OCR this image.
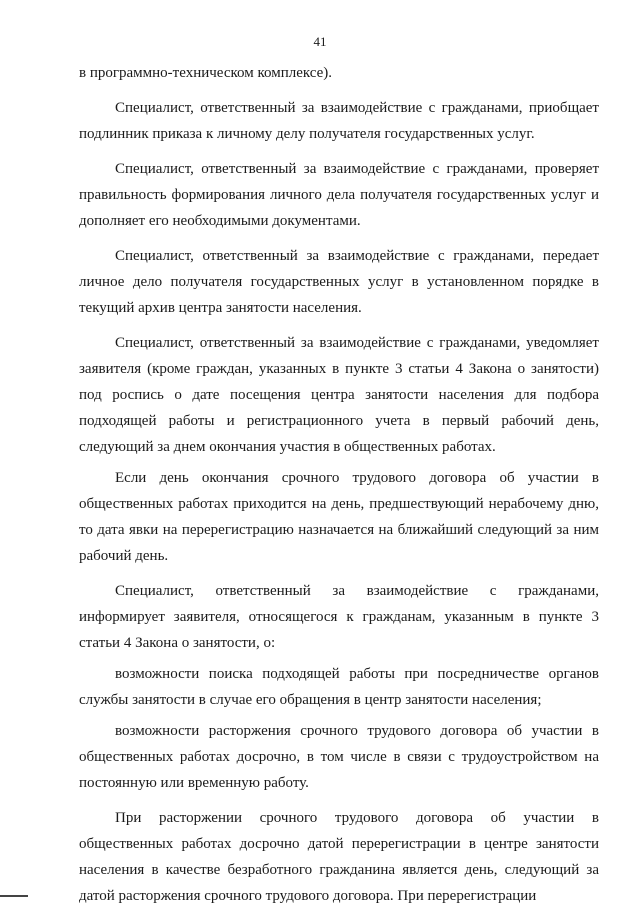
41

в программно-техническом комплексе).

Специалист, ответственный за взаимодействие с гражданами, приобщает подлинник приказа к личному делу получателя государственных услуг.

Специалист, ответственный за взаимодействие с гражданами, проверяет правильность формирования личного дела получателя государственных услуг и дополняет его необходимыми документами.

Специалист, ответственный за взаимодействие с гражданами, передает личное дело получателя государственных услуг в установленном порядке в текущий архив центра занятости населения.

Специалист, ответственный за взаимодействие с гражданами, уведомляет заявителя (кроме граждан, указанных в пункте 3 статьи 4 Закона о занятости) под роспись о дате посещения центра занятости населения для подбора подходящей работы и регистрационного учета в первый рабочий день, следующий за днем окончания участия в общественных работах.

Если день окончания срочного трудового договора об участии в общественных работах приходится на день, предшествующий нерабочему дню, то дата явки на перерегистрацию назначается на ближайший следующий за ним рабочий день.

Специалист, ответственный за взаимодействие с гражданами, информирует заявителя, относящегося к гражданам, указанным в пункте 3 статьи 4 Закона о занятости, о:

возможности поиска подходящей работы при посредничестве органов службы занятости в случае его обращения в центр занятости населения;

возможности расторжения срочного трудового договора об участии в общественных работах досрочно, в том числе в связи с трудоустройством на постоянную или временную работу.

При расторжении срочного трудового договора об участии в общественных работах досрочно датой перерегистрации в центре занятости населения в качестве безработного гражданина является день, следующий за датой расторжения срочного трудового договора. При перерегистрации
